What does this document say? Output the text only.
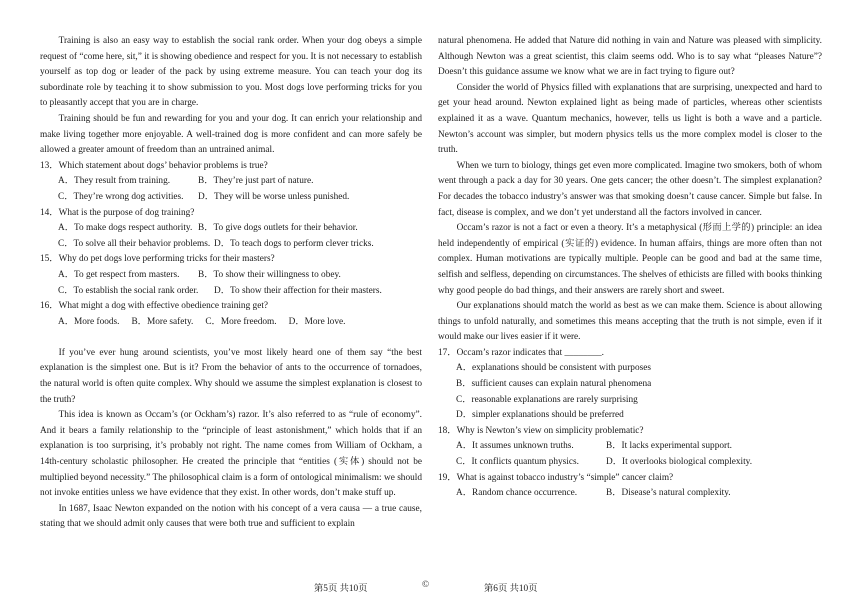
Training is also an easy way to establish the social rank order. When your dog obeys a simple request of “come here, sit,” it is showing obedience and respect for you. It is not necessary to establish yourself as top dog or leader of the pack by using extreme measure. You can teach your dog its subordinate role by teaching it to show submission to you. Most dogs love performing tricks for you to pleasantly accept that you are in charge.

Training should be fun and rewarding for you and your dog. It can enrich your relationship and make living together more enjoyable. A well-trained dog is more confident and can more safely be allowed a greater amount of freedom than an untrained animal.

13．Which statement about dogs’ behavior problems is true?

A．They result from training.	B．They’re just part of nature.

C．They’re wrong dog activities. D．They will be worse unless punished.

14．What is the purpose of dog training?

A．To make dogs respect authority. B．To give dogs outlets for their behavior.

C．To solve all their behavior problems. D．To teach dogs to perform clever tricks.

15．Why do pet dogs love performing tricks for their masters?

A．To get respect from masters. B．To show their willingness to obey.

C．To establish the social rank order. D．To show their affection for their masters.

16．What might a dog with effective obedience training get?

A．More foods. B．More safety. C．More freedom. D．More love.

If you’ve ever hung around scientists, you’ve most likely heard one of them say “the best explanation is the simplest one. But is it? From the behavior of ants to the occurrence of tornadoes, the natural world is often quite complex. Why should we assume the simplest explanation is closest to the truth?

This idea is known as Occam’s (or Ockham’s) razor. It’s also referred to as “rule of economy”. And it bears a family relationship to the “principle of least astonishment,” which holds that if an explanation is too surprising, it’s probably not right. The name comes from William of Ockham, a 14th-century scholastic philosopher. He created the principle that “entities (实体) should not be multiplied beyond necessity.” The philosophical claim is a form of ontological minimalism: we should not invoke entities unless we have evidence that they exist. In other words, don’t make stuff up.

In 1687, Isaac Newton expanded on the notion with his concept of a vera causa — a true cause, stating that we should admit only causes that were both true and sufficient to explain

natural phenomena. He added that Nature did nothing in vain and Nature was pleased with simplicity. Although Newton was a great scientist, this claim seems odd. Who is to say what “pleases Nature”? Doesn’t this guidance assume we know what we are in fact trying to figure out?

Consider the world of Physics filled with explanations that are surprising, unexpected and hard to get your head around. Newton explained light as being made of particles, whereas other scientists explained it as a wave. Quantum mechanics, however, tells us light is both a wave and a particle. Newton’s account was simpler, but modern physics tells us the more complex model is closer to the truth.

When we turn to biology, things get even more complicated. Imagine two smokers, both of whom went through a pack a day for 30 years. One gets cancer; the other doesn’t. The simplest explanation? For decades the tobacco industry’s answer was that smoking doesn’t cause cancer. Simple but false. In fact, disease is complex, and we don’t yet understand all the factors involved in cancer.

Occam’s razor is not a fact or even a theory. It’s a metaphysical (形而上学的) principle: an idea held independently of empirical (实证的) evidence. In human affairs, things are more often than not complex. Human motivations are typically multiple. People can be good and bad at the same time, selfish and selfless, depending on circumstances. The shelves of ethicists are filled with books thinking why good people do bad things, and their answers are rarely short and sweet.

Our explanations should match the world as best as we can make them. Science is about allowing things to unfold naturally, and sometimes this means accepting that the truth is not simple, even if it would make our lives easier if it were.

17．Occam’s razor indicates that ________.

A．explanations should be consistent with purposes

B．sufficient causes can explain natural phenomena

C．reasonable explanations are rarely surprising

D．simpler explanations should be preferred

18．Why is Newton’s view on simplicity problematic?

A．It assumes unknown truths.	B．It lacks experimental support.

C．It conflicts quantum physics.	D．It overlooks biological complexity.

19．What is against tobacco industry’s “simple” cancer claim?

A．Random chance occurrence.	B．Disease’s natural complexity.

第5页 共10页	©	第6页 共10页
